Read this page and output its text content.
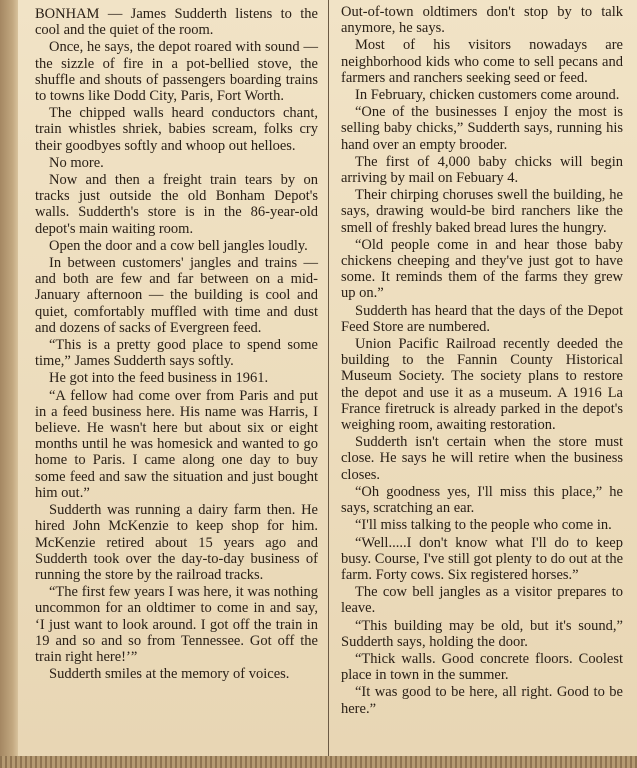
BONHAM — James Sudderth listens to the cool and the quiet of the room.

Once, he says, the depot roared with sound — the sizzle of fire in a pot-bellied stove, the shuffle and shouts of passengers boarding trains to towns like Dodd City, Paris, Fort Worth.

The chipped walls heard conductors chant, train whistles shriek, babies scream, folks cry their goodbyes softly and whoop out helloes.

No more.

Now and then a freight train tears by on tracks just outside the old Bonham Depot's walls. Sudderth's store is in the 86-year-old depot's main waiting room.

Open the door and a cow bell jangles loudly.

In between customers' jangles and trains — and both are few and far between on a mid-January afternoon — the building is cool and quiet, comfortably muffled with time and dust and dozens of sacks of Evergreen feed.

“This is a pretty good place to spend some time,” James Sudderth says softly.

He got into the feed business in 1961.

“A fellow had come over from Paris and put in a feed business here. His name was Harris, I believe. He wasn't here but about six or eight months until he was homesick and wanted to go home to Paris. I came along one day to buy some feed and saw the situation and just bought him out.”

Sudderth was running a dairy farm then. He hired John McKenzie to keep shop for him. McKenzie retired about 15 years ago and Sudderth took over the day-to-day business of running the store by the railroad tracks.

“The first few years I was here, it was nothing uncommon for an oldtimer to come in and say, ‘I just want to look around. I got off the train in 19 and so and so from Tennessee. Got off the train right here!’”

Sudderth smiles at the memory of voices.

Out-of-town oldtimers don't stop by to talk anymore, he says.

Most of his visitors nowadays are neighborhood kids who come to sell pecans and farmers and ranchers seeking seed or feed.

In February, chicken customers come around.

“One of the businesses I enjoy the most is selling baby chicks,” Sudderth says, running his hand over an empty brooder.

The first of 4,000 baby chicks will begin arriving by mail on Febuary 4.

Their chirping choruses swell the building, he says, drawing would-be bird ranchers like the smell of freshly baked bread lures the hungry.

“Old people come in and hear those baby chickens cheeping and they've just got to have some. It reminds them of the farms they grew up on.”

Sudderth has heard that the days of the Depot Feed Store are numbered.

Union Pacific Railroad recently deeded the building to the Fannin County Historical Museum Society. The society plans to restore the depot and use it as a museum. A 1916 La France firetruck is already parked in the depot's weighing room, awaiting restoration.

Sudderth isn't certain when the store must close. He says he will retire when the business closes.

“Oh goodness yes, I'll miss this place,” he says, scratching an ear.

“I'll miss talking to the people who come in.

“Well.....I don't know what I'll do to keep busy. Course, I've still got plenty to do out at the farm. Forty cows. Six registered horses.”

The cow bell jangles as a visitor prepares to leave.

“This building may be old, but it's sound,” Sudderth says, holding the door.

“Thick walls. Good concrete floors. Coolest place in town in the summer.

“It was good to be here, all right. Good to be here.”
